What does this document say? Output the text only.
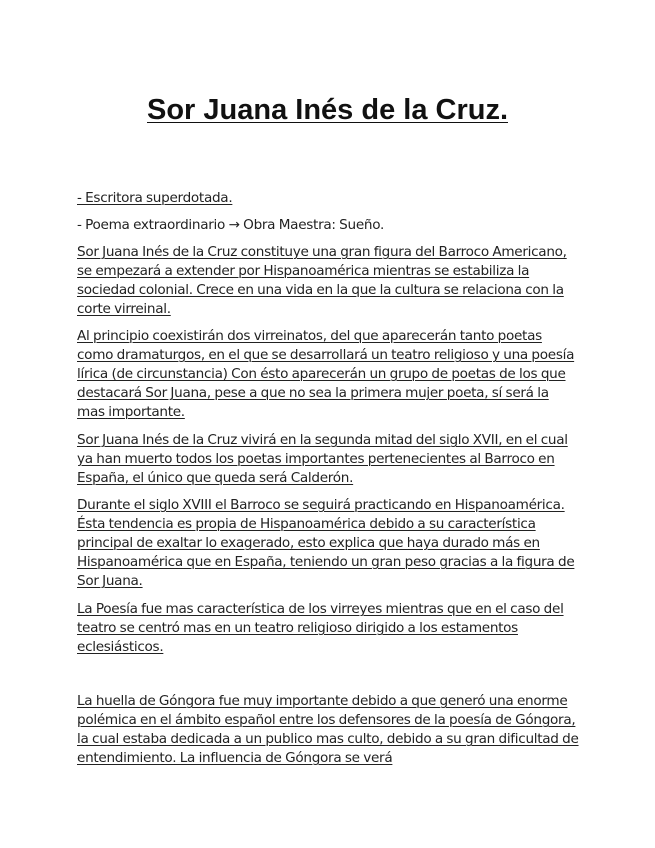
Sor Juana Inés de la Cruz.

- Escritora superdotada.

- Poema extraordinario → Obra Maestra: Sueño.

Sor Juana Inés de la Cruz constituye una gran figura del Barroco Americano, se empezará a extender por Hispanoamérica mientras se estabiliza la sociedad colonial. Crece en una vida en la que la cultura se relaciona con la corte virreinal.

Al principio coexistirán dos virreinatos, del que aparecerán tanto poetas como dramaturgos, en el que se desarrollará un teatro religioso y una poesía lírica (de circunstancia) Con ésto aparecerán un grupo de poetas de los que destacará Sor Juana, pese a que no sea la primera mujer poeta, sí será la mas importante.

Sor Juana Inés de la Cruz vivirá en la segunda mitad del siglo XVII, en el cual ya han muerto todos los poetas importantes pertenecientes al Barroco en España, el único que queda será Calderón.

Durante el siglo XVIII el Barroco se seguirá practicando en Hispanoamérica. Ésta tendencia es propia de Hispanoamérica debido a su característica principal de exaltar lo exagerado, esto explica que haya durado más en Hispanoamérica que en España, teniendo un gran peso gracias a la figura de Sor Juana.

La Poesía fue mas característica de los virreyes mientras que en el caso del teatro se centró mas en un teatro religioso dirigido a los estamentos eclesiásticos.

La huella de Góngora fue muy importante debido a que generó una enorme polémica en el ámbito español entre los defensores de la poesía de Góngora, la cual estaba dedicada a un publico mas culto, debido a su gran dificultad de entendimiento. La influencia de Góngora se verá
